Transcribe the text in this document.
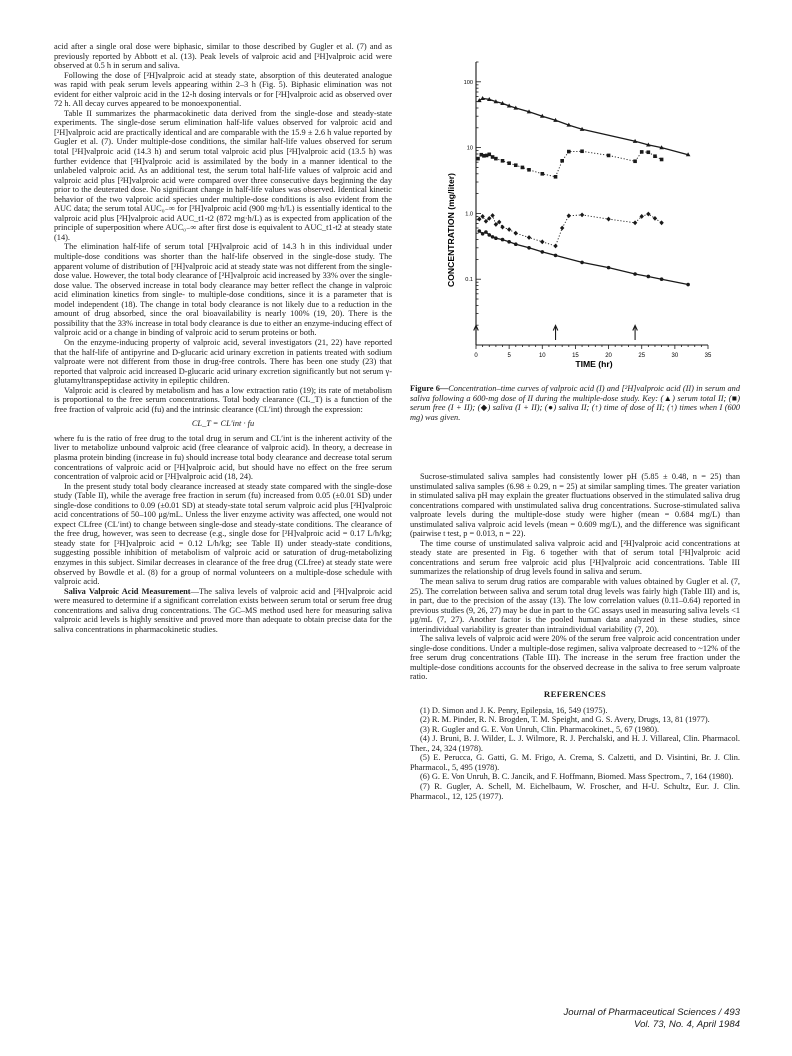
acid after a single oral dose were biphasic, similar to those described by Gugler et al. (7) and as previously reported by Abbott et al. (13). Peak levels of valproic acid and [²H]valproic acid were observed at 0.5 h in serum and saliva.

Following the dose of [²H]valproic acid at steady state, absorption of this deuterated analogue was rapid with peak serum levels appearing within 2–3 h (Fig. 5). Biphasic elimination was not evident for either valproic acid in the 12-h dosing intervals or for [²H]valproic acid as observed over 72 h. All decay curves appeared to be monoexponential.

Table II summarizes the pharmacokinetic data derived from the single-dose and steady-state experiments. The single-dose serum elimination half-life values observed for valproic acid and [²H]valproic acid are practically identical and are comparable with the 15.9 ± 2.6 h value reported by Gugler et al. (7). Under multiple-dose conditions, the similar half-life values observed for serum total [²H]valproic acid (14.3 h) and serum total valproic acid plus [²H]valproic acid (13.5 h) was further evidence that [²H]valproic acid is assimilated by the body in a manner identical to the unlabeled valproic acid. As an additional test, the serum total half-life values of valproic acid and valproic acid plus [²H]valproic acid were compared over three consecutive days beginning the day prior to the deuterated dose. No significant change in half-life values was observed. Identical kinetic behavior of the two valproic acid species under multiple-dose conditions is also evident from the AUC data; the serum total AUC₀₋∞ for [²H]valproic acid (900 mg·h/L) is essentially identical to the valproic acid plus [²H]valproic acid AUC_t1-t2 (872 mg·h/L) as is expected from application of the principle of superposition where AUC₀₋∞ after first dose is equivalent to AUC_t1-t2 at steady state (14).

The elimination half-life of serum total [²H]valproic acid of 14.3 h in this individual under multiple-dose conditions was shorter than the half-life observed in the single-dose study. The apparent volume of distribution of [²H]valproic acid at steady state was not different from the single-dose value. However, the total body clearance of [²H]valproic acid increased by 33% over the single-dose value. The observed increase in total body clearance may better reflect the change in valproic acid elimination kinetics from single- to multiple-dose conditions, since it is a parameter that is model independent (18). The change in total body clearance is not likely due to a reduction in the amount of drug absorbed, since the oral bioavailability is nearly 100% (19, 20). There is the possibility that the 33% increase in total body clearance is due to either an enzyme-inducing effect of valproic acid or a change in binding of valproic acid to serum proteins or both.

On the enzyme-inducing property of valproic acid, several investigators (21, 22) have reported that the half-life of antipyrine and D-glucaric acid urinary excretion in patients treated with sodium valproate were not different from those in drug-free controls. There has been one study (23) that reported that valproic acid increased D-glucaric acid urinary excretion significantly but not serum γ-glutamyltranspeptidase activity in epileptic children.

Valproic acid is cleared by metabolism and has a low extraction ratio (19); its rate of metabolism is proportional to the free serum concentrations. Total body clearance (CL_T) is a function of the free fraction of valproic acid (fu) and the intrinsic clearance (CL′int) through the expression:

CL_T = CL′int · fu

where fu is the ratio of free drug to the total drug in serum and CL′int is the inherent activity of the liver to metabolize unbound valproic acid (free clearance of valproic acid). In theory, a decrease in plasma protein binding (increase in fu) should increase total body clearance and decrease total serum concentrations of valproic acid or [²H]valproic acid, but should have no effect on the free serum concentration of valproic acid or [²H]valproic acid (18, 24).

In the present study total body clearance increased at steady state compared with the single-dose study (Table II), while the average free fraction in serum (fu) increased from 0.05 (±0.01 SD) under single-dose conditions to 0.09 (±0.01 SD) at steady-state total serum valproic acid plus [²H]valproic acid concentrations of 50–100 μg/mL. Unless the liver enzyme activity was affected, one would not expect CLfree (CL′int) to change between single-dose and steady-state conditions. The clearance of the free drug, however, was seen to decrease (e.g., single dose for [²H]valproic acid = 0.17 L/h/kg; steady state for [²H]valproic acid = 0.12 L/h/kg; see Table II) under steady-state conditions, suggesting possible inhibition of metabolism of valproic acid or saturation of drug-metabolizing enzymes in this subject. Similar decreases in clearance of the free drug (CLfree) at steady state were observed by Bowdle et al. (8) for a group of normal volunteers on a multiple-dose schedule with valproic acid.

Saliva Valproic Acid Measurement—The saliva levels of valproic acid and [²H]valproic acid were measured to determine if a significant correlation exists between serum total or serum free drug concentrations and saliva drug concentrations. The GC–MS method used here for measuring saliva valproic acid levels is highly sensitive and proved more than adequate to obtain precise data for the saliva concentrations in pharmacokinetic studies.

0	5	10	15	20	25	30	35
100
10
1.0
0.1
CONCENTRATION (mg/liter)
TIME (hr)
Figure 6—Concentration–time curves of valproic acid (I) and [²H]valproic acid (II) in serum and saliva following a 600-mg dose of II during the multiple-dose study. Key: (▲) serum total II; (■) serum free (I + II); (◆) saliva (I + II); (●) saliva II; (↑) time of dose of II; (↑) times when I (600 mg) was given.

Sucrose-stimulated saliva samples had consistently lower pH (5.85 ± 0.48, n = 25) than unstimulated saliva samples (6.98 ± 0.29, n = 25) at similar sampling times. The greater variation in stimulated saliva pH may explain the greater fluctuations observed in the stimulated saliva drug concentrations compared with unstimulated saliva drug concentrations. Sucrose-stimulated saliva valproate levels during the multiple-dose study were higher (mean = 0.684 mg/L) than unstimulated saliva valproic acid levels (mean = 0.609 mg/L), and the difference was significant (pairwise t test, p = 0.013, n = 22).

The time course of unstimulated saliva valproic acid and [²H]valproic acid concentrations at steady state are presented in Fig. 6 together with that of serum total [²H]valproic acid concentrations and serum free valproic acid plus [²H]valproic acid concentrations. Table III summarizes the relationship of drug levels found in saliva and serum.

The mean saliva to serum drug ratios are comparable with values obtained by Gugler et al. (7, 25). The correlation between saliva and serum total drug levels was fairly high (Table III) and is, in part, due to the precision of the assay (13). The low correlation values (0.11–0.64) reported in previous studies (9, 26, 27) may be due in part to the GC assays used in measuring saliva levels <1 μg/mL (7, 27). Another factor is the pooled human data analyzed in these studies, since interindividual variability is greater than intraindividual variability (7, 20).

The saliva levels of valproic acid were 20% of the serum free valproic acid concentration under single-dose conditions. Under a multiple-dose regimen, saliva valproate decreased to ~12% of the free serum drug concentrations (Table III). The increase in the serum free fraction under the multiple-dose conditions accounts for the observed decrease in the saliva to free serum valproate ratio.

REFERENCES

(1) D. Simon and J. K. Penry, Epilepsia, 16, 549 (1975).

(2) R. M. Pinder, R. N. Brogden, T. M. Speight, and G. S. Avery, Drugs, 13, 81 (1977).

(3) R. Gugler and G. E. Von Unruh, Clin. Pharmacokinet., 5, 67 (1980).

(4) J. Bruni, B. J. Wilder, L. J. Wilmore, R. J. Perchalski, and H. J. Villareal, Clin. Pharmacol. Ther., 24, 324 (1978).

(5) E. Perucca, G. Gatti, G. M. Frigo, A. Crema, S. Calzetti, and D. Visintini, Br. J. Clin. Pharmacol., 5, 495 (1978).

(6) G. E. Von Unruh, B. C. Jancik, and F. Hoffmann, Biomed. Mass Spectrom., 7, 164 (1980).

(7) R. Gugler, A. Schell, M. Eichelbaum, W. Froscher, and H-U. Schultz, Eur. J. Clin. Pharmacol., 12, 125 (1977).

Journal of Pharmaceutical Sciences / 493
Vol. 73, No. 4, April 1984
